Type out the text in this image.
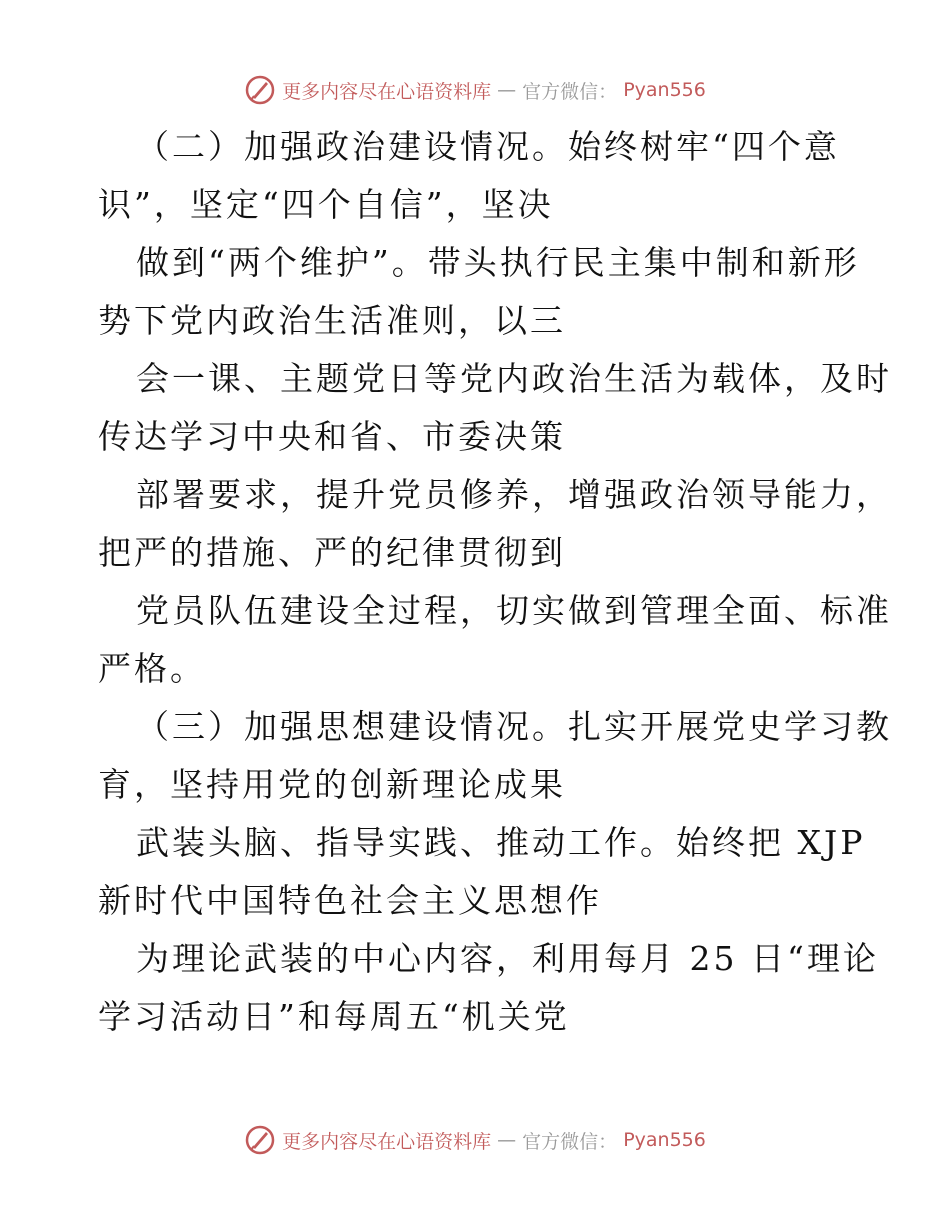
更多内容尽在心语资料库 — 官方微信： Pyan556
（二）加强政治建设情况。始终树牢“四个意
识”，坚定“四个自信”，坚决
做到“两个维护”。带头执行民主集中制和新形
势下党内政治生活准则，以三
会一课、主题党日等党内政治生活为载体，及时
传达学习中央和省、市委决策
部署要求，提升党员修养，增强政治领导能力，
把严的措施、严的纪律贯彻到
党员队伍建设全过程，切实做到管理全面、标准
严格。
（三）加强思想建设情况。扎实开展党史学习教
育，坚持用党的创新理论成果
武装头脑、指导实践、推动工作。始终把 XJP
新时代中国特色社会主义思想作
为理论武装的中心内容，利用每月 25 日“理论
学习活动日”和每周五“机关党
更多内容尽在心语资料库 — 官方微信： Pyan556
